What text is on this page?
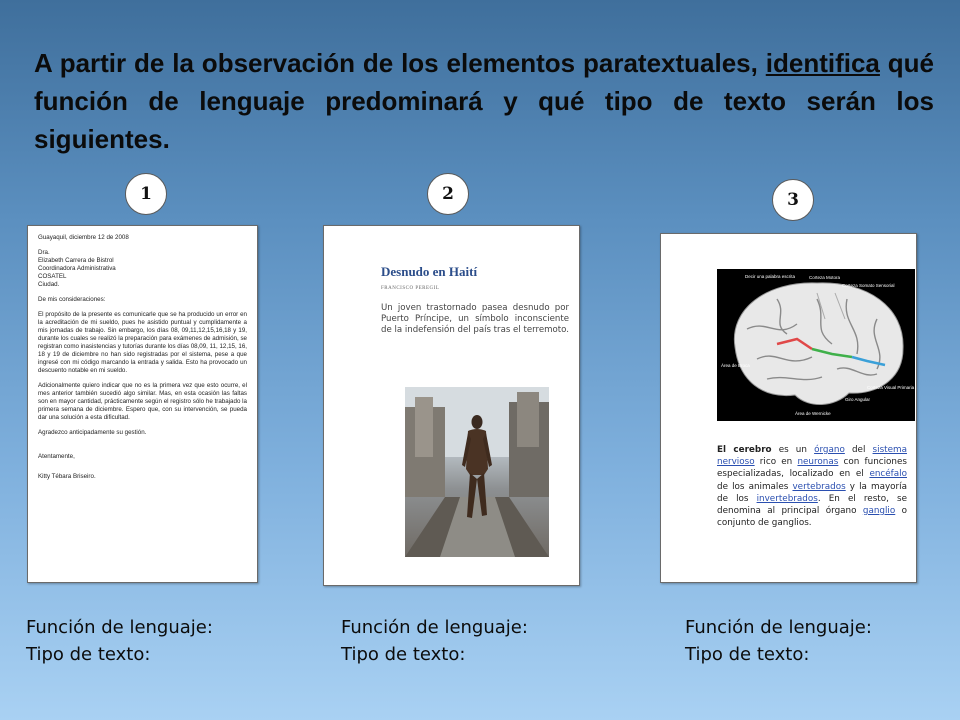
A partir de la observación de los elementos paratextuales, identifica qué función de lenguaje predominará y qué tipo de texto serán los siguientes.
1	2	3

Guayaquil, diciembre 12 de 2008

Dra.
Elizabeth Carrera de Bistrol
Coordinadora Administrativa
COSATEL
Ciudad.

De mis consideraciones:

El propósito de la presente es comunicarle que se ha producido un error en la acreditación de mi sueldo, pues he asistido puntual y cumplidamente a mis jornadas de trabajo. Sin embargo, los días 08, 09,11,12,15,16,18 y 19, durante los cuales se realizó la preparación para exámenes de admisión, se registran como inasistencias y tutorías durante los días 08,09, 11, 12,15, 16, 18 y 19 de diciembre no han sido registradas por el sistema, pese a que ingresé con mi código marcando la entrada y salida. Esto ha provocado un descuento notable en mi sueldo.

Adicionalmente quiero indicar que no es la primera vez que esto ocurre, el mes anterior también sucedió algo similar. Mas, en esta ocasión las faltas son en mayor cantidad, prácticamente según el registro sólo he trabajado la primera semana de diciembre. Espero que, con su intervención, se pueda dar una solución a esta dificultad.

Agradezco anticipadamente su gestión.

Atentamente,

Kitty Tébara Briseiro.

Desnudo en Haití
FRANCISCO PEREGIL
Un joven trastornado pasea desnudo por Puerto Príncipe, un símbolo inconsciente de la indefensión del país tras el terremoto.
Decir una palabra escrita	Corteza Motora
Corteza Somato Sensorial
Área de Broca
Corteza Visual Primaria
Giro Angular
Área de Wernicke
El cerebro es un órgano del sistema nervioso rico en neuronas con funciones especializadas, localizado en el encéfalo de los animales vertebrados y la mayoría de los invertebrados. En el resto, se denomina al principal órgano ganglio o conjunto de ganglios.
Función de lenguaje:
Tipo de texto:
Función de lenguaje:
Tipo de texto:
Función de lenguaje:
Tipo de texto:
